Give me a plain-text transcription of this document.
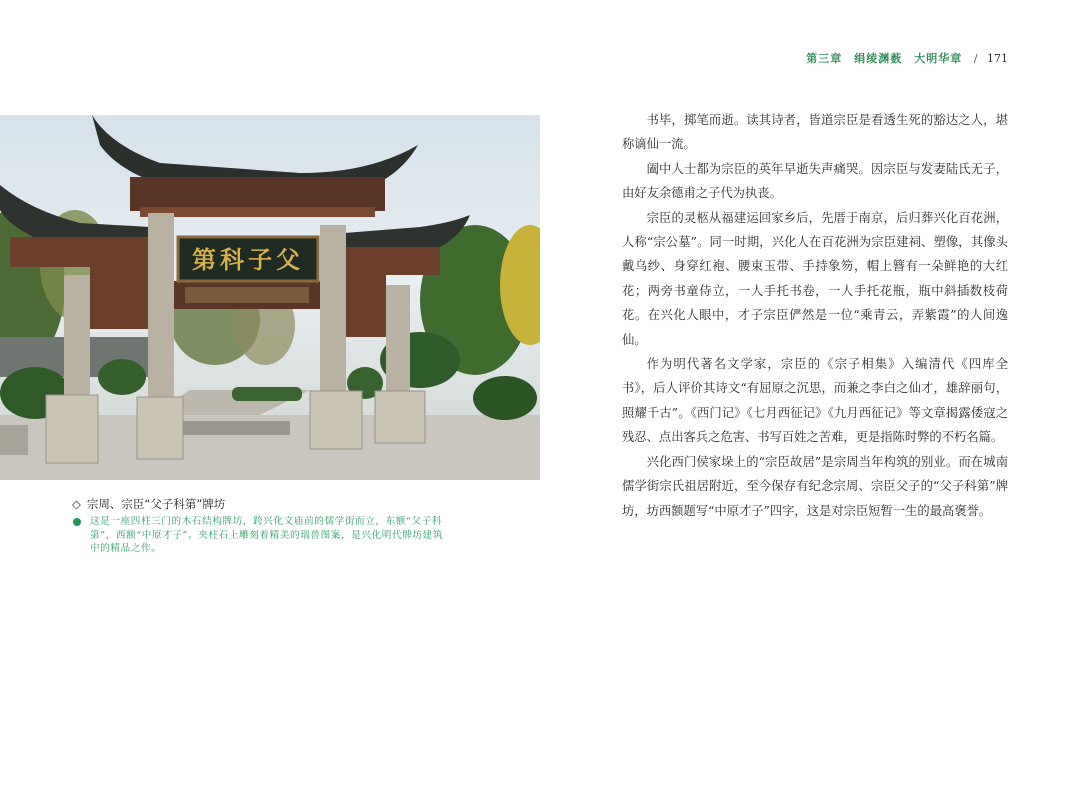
第三章　绢绫渊薮　大明华章 / 171
第科子父
◇ 宗周、宗臣“父子科第”牌坊
这是一座四柱三门的木石结构牌坊，跨兴化文庙前的儒学街而立，东额“父子科第”，西额“中原才子”。夹柱石上雕刻着精美的瑞兽图案，是兴化明代牌坊建筑中的精品之作。

书毕，掷笔而逝。读其诗者，皆道宗臣是看透生死的豁达之人，堪称谪仙一流。

阖中人士都为宗臣的英年早逝失声痛哭。因宗臣与发妻陆氏无子，由好友余德甫之子代为执丧。

宗臣的灵柩从福建运回家乡后，先厝于南京，后归葬兴化百花洲，人称“宗公墓”。同一时期，兴化人在百花洲为宗臣建祠、塑像，其像头戴乌纱、身穿红袍、腰束玉带、手持象笏，帽上簪有一朵鲜艳的大红花；两旁书童侍立，一人手托书卷，一人手托花瓶，瓶中斜插数枝荷花。在兴化人眼中，才子宗臣俨然是一位“乘青云，弄紫霞”的人间逸仙。

作为明代著名文学家，宗臣的《宗子相集》入编清代《四库全书》，后人评价其诗文“有屈原之沉思，而兼之李白之仙才，雄辞丽句，照耀千古”。《西门记》《七月西征记》《九月西征记》等文章揭露倭寇之残忍、点出客兵之危害、书写百姓之苦难，更是指陈时弊的不朽名篇。

兴化西门侯家垛上的“宗臣故居”是宗周当年构筑的别业。而在城南儒学街宗氏祖居附近，至今保存有纪念宗周、宗臣父子的“父子科第”牌坊，坊西额题写“中原才子”四字，这是对宗臣短暂一生的最高褒誉。
